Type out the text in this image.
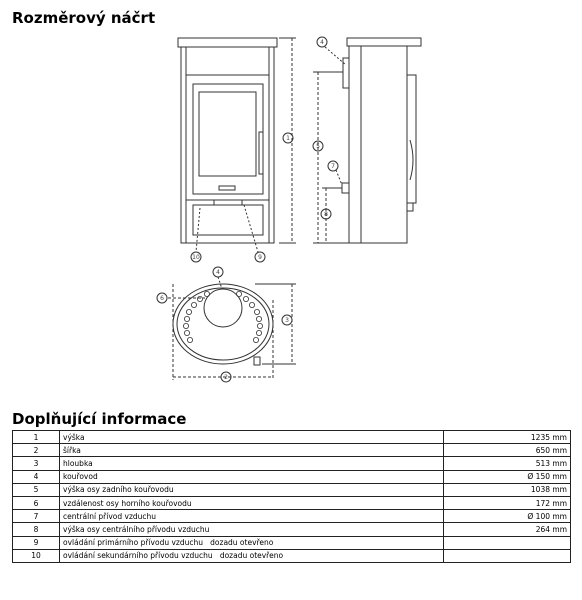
Rozměrový náčrt
1
10	9
4
5
7
8
4
6
3
2
Doplňující informace
1	výška	1235 mm
2	šířka	650 mm
3	hloubka	513 mm
4	kouřovod	Ø 150 mm
5	výška osy zadního kouřovodu	1038 mm
6	vzdálenost osy horního kouřovodu	172 mm
7	centrální přívod vzduchu	Ø 100 mm
8	výška osy centrálního přívodu vzduchu	264 mm
9	ovládání primárního přívodu vzduchu   dozadu otevřeno	
10	ovládání sekundárního přívodu vzduchu   dozadu otevřeno	
